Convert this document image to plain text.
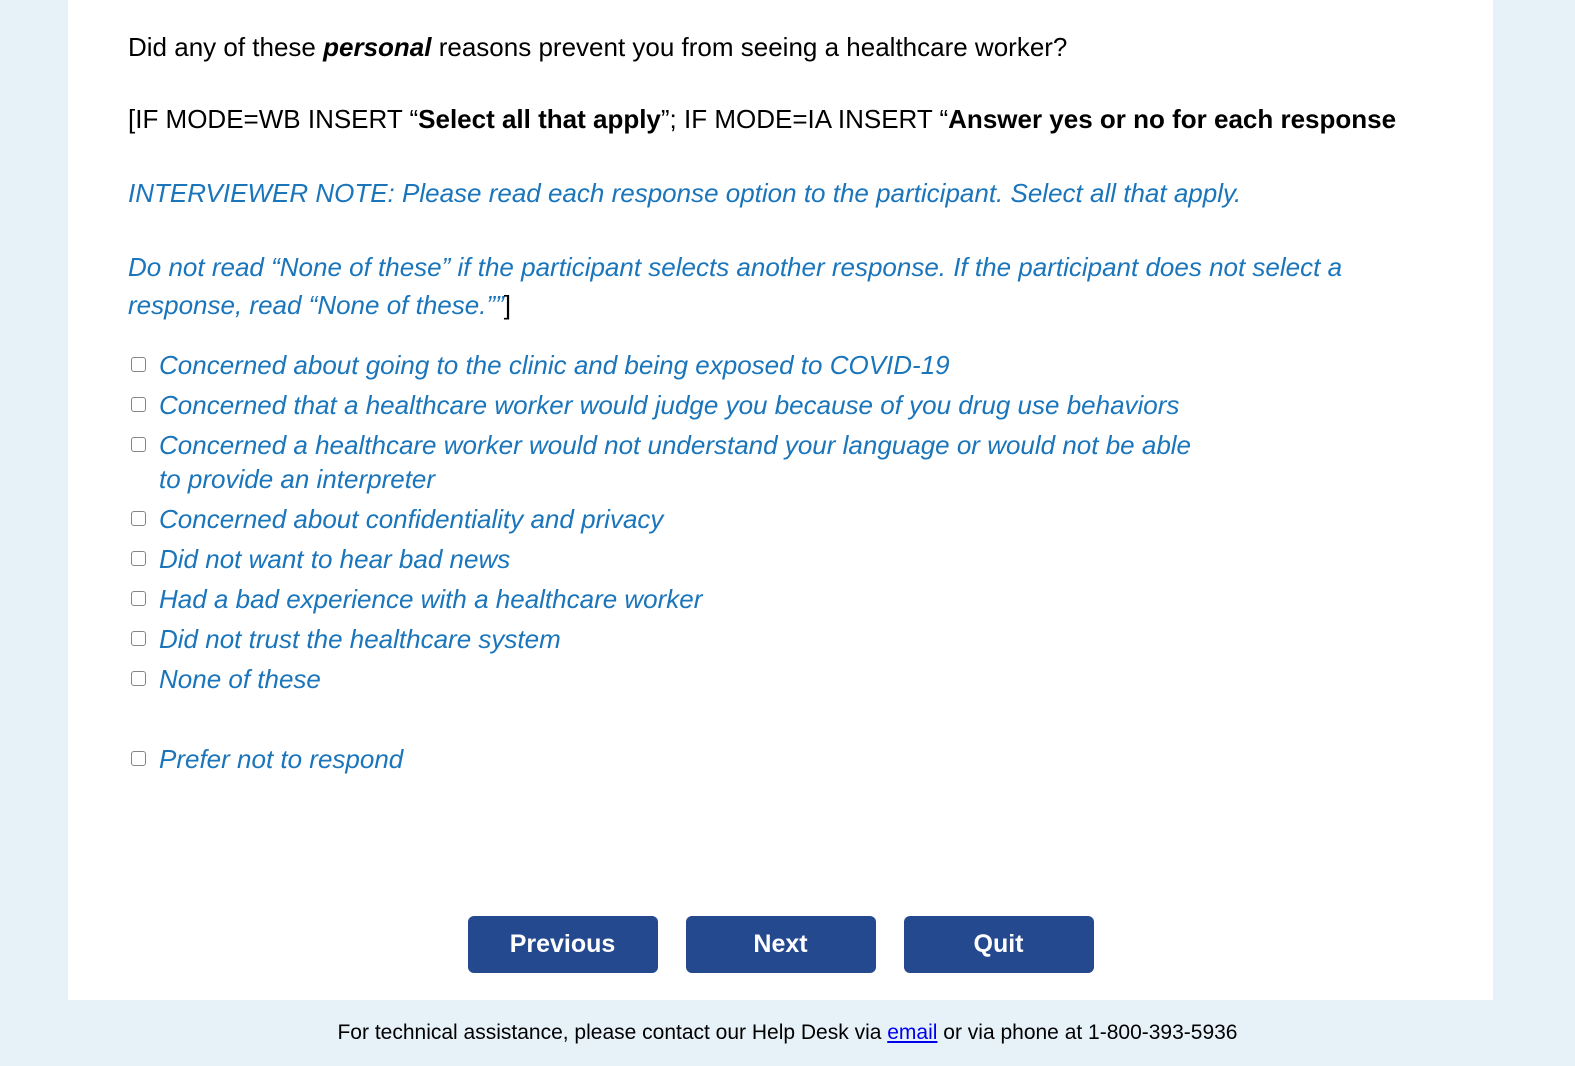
Did any of these personal reasons prevent you from seeing a healthcare worker?

[IF MODE=WB INSERT “Select all that apply”; IF MODE=IA INSERT “Answer yes or no for each response

INTERVIEWER NOTE: Please read each response option to the participant. Select all that apply.

Do not read “None of these” if the participant selects another response. If the participant does not select a response, read “None of these.””]

Concerned about going to the clinic and being exposed to COVID-19
Concerned that a healthcare worker would judge you because of you drug use behaviors
Concerned a healthcare worker would not understand your language or would not be able
to provide an interpreter
Concerned about confidentiality and privacy
Did not want to hear bad news
Had a bad experience with a healthcare worker
Did not trust the healthcare system
None of these
Prefer not to respond
Previous	Next	Quit
For technical assistance, please contact our Help Desk via email or via phone at 1-800-393-5936
